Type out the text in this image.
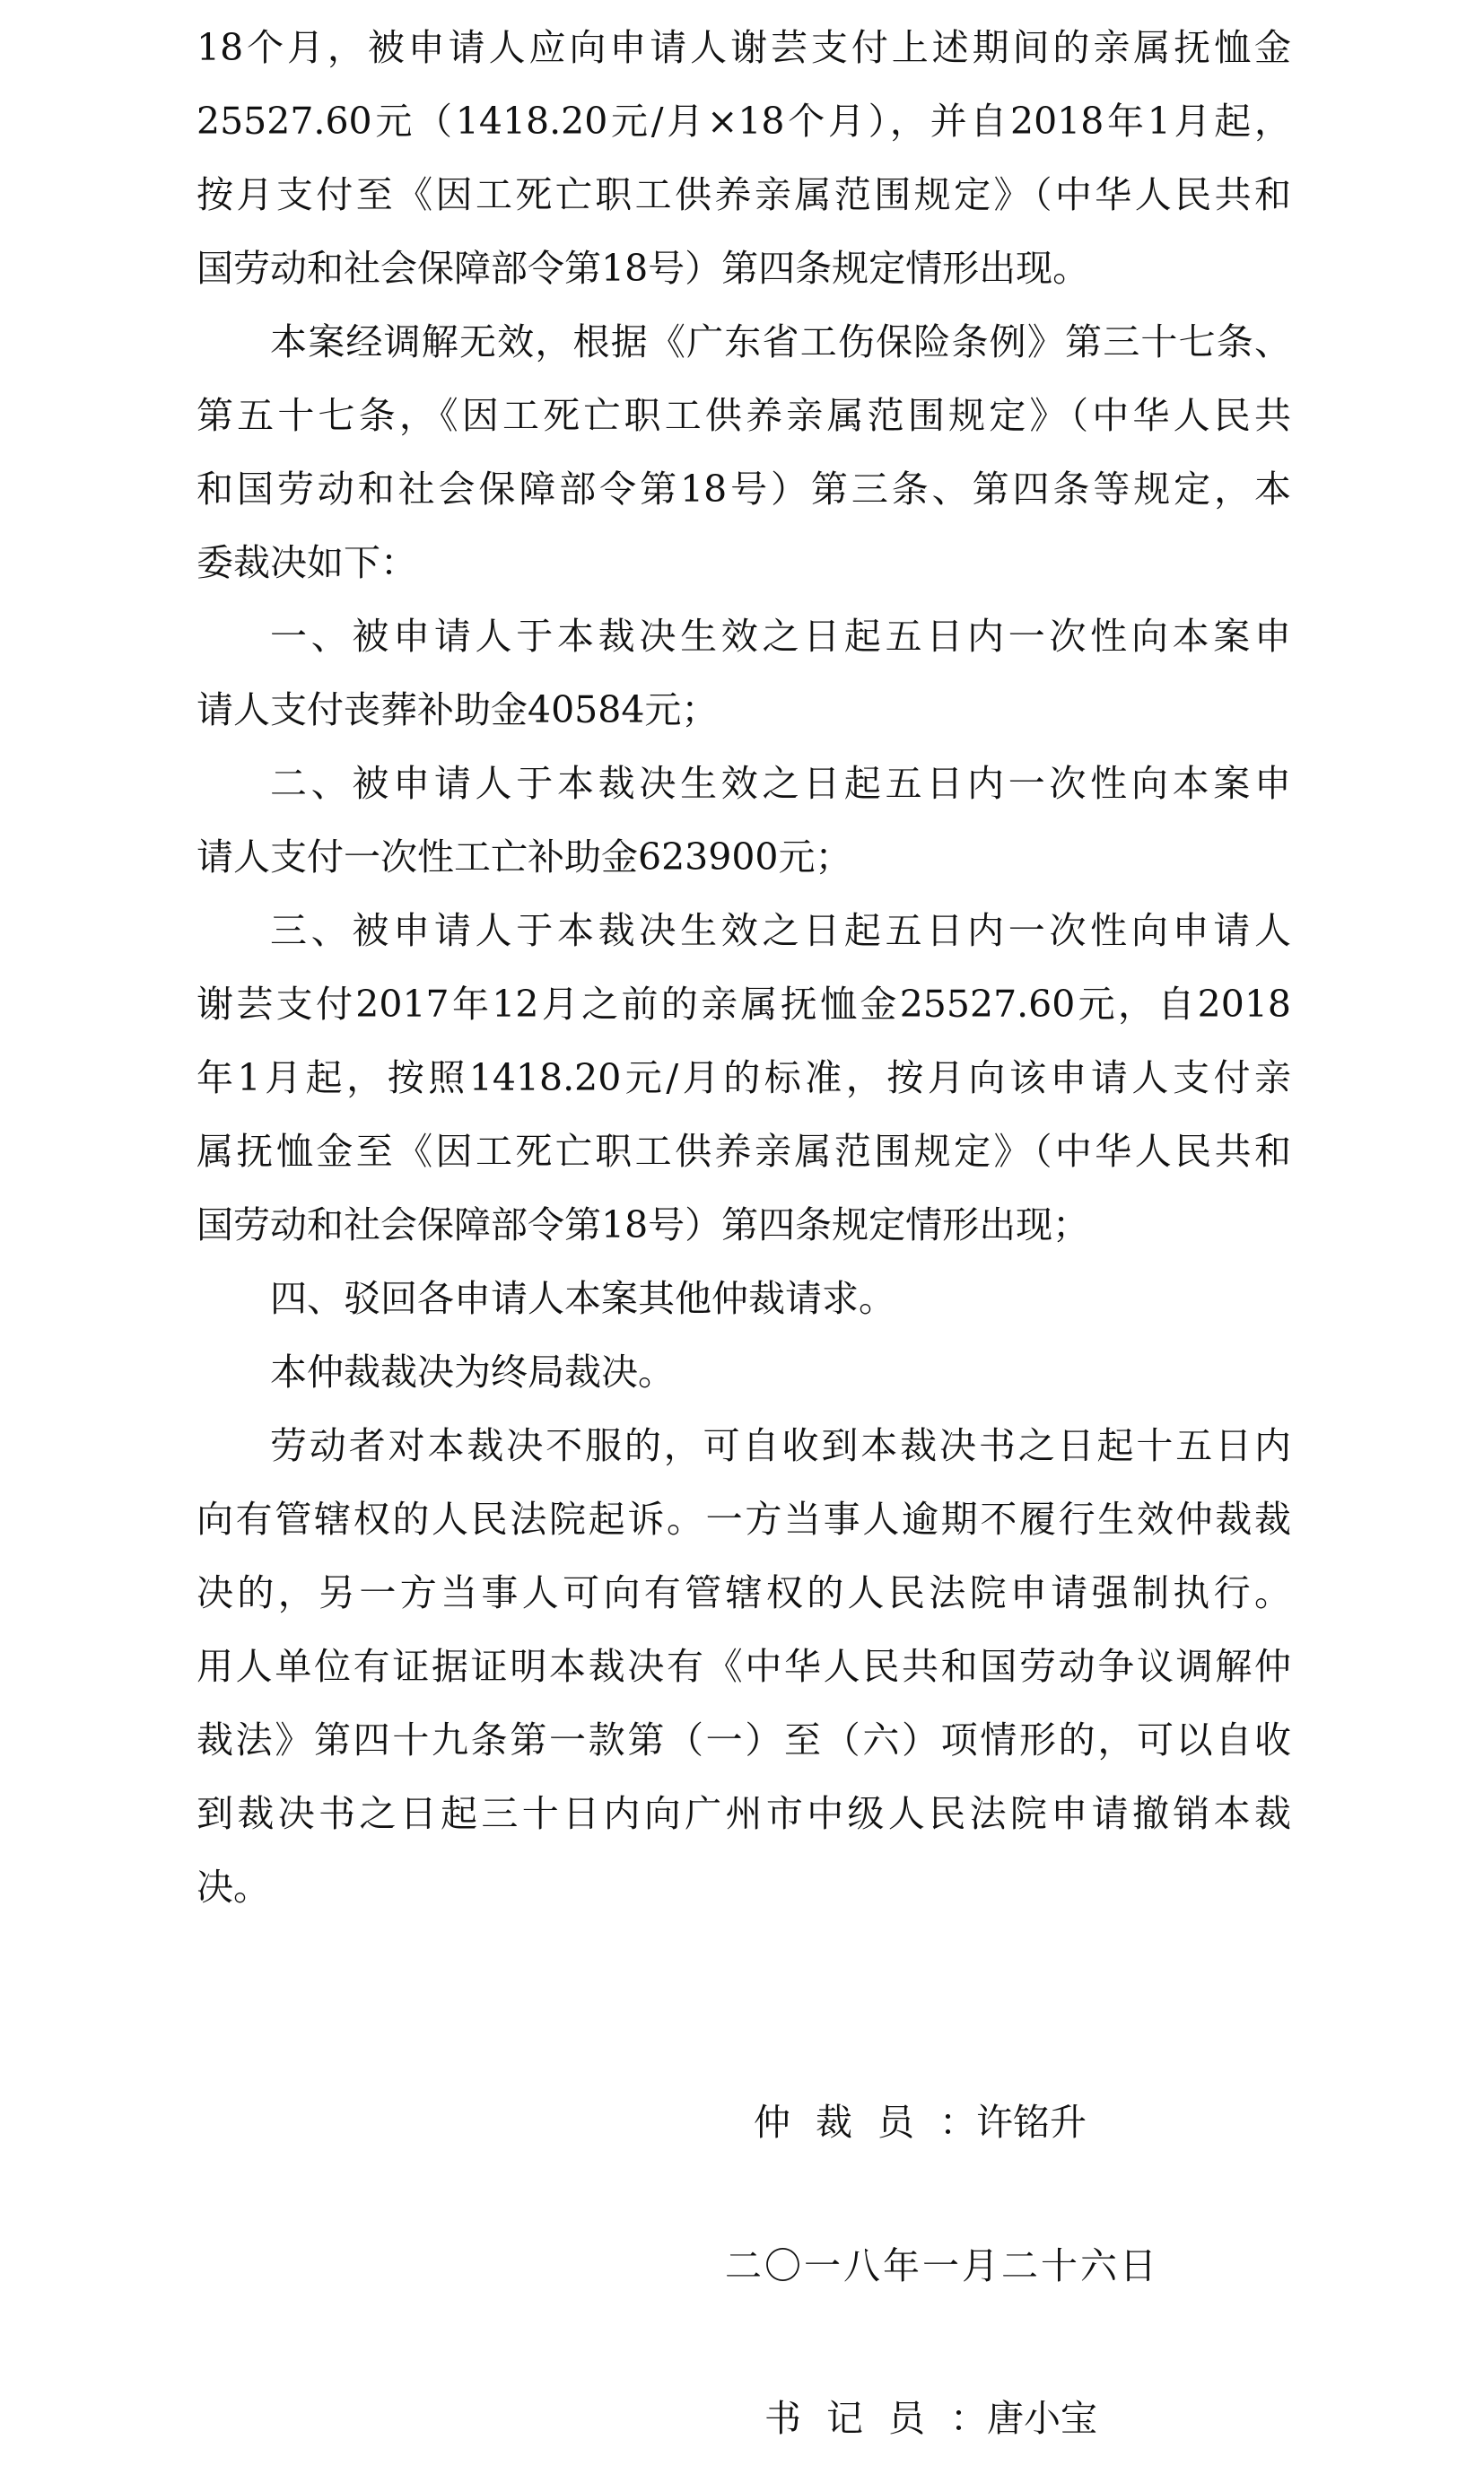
18个月，被申请人应向申请人谢芸支付上述期间的亲属抚恤金
25527.60元（1418.20元/月×18个月），并自2018年1月起，
按月支付至《因工死亡职工供养亲属范围规定》（中华人民共和
国劳动和社会保障部令第18号）第四条规定情形出现。
本案经调解无效，根据《广东省工伤保险条例》第三十七条、
第五十七条，《因工死亡职工供养亲属范围规定》（中华人民共
和国劳动和社会保障部令第18号）第三条、第四条等规定，本
委裁决如下：
一、被申请人于本裁决生效之日起五日内一次性向本案申
请人支付丧葬补助金40584元；
二、被申请人于本裁决生效之日起五日内一次性向本案申
请人支付一次性工亡补助金623900元；
三、被申请人于本裁决生效之日起五日内一次性向申请人
谢芸支付2017年12月之前的亲属抚恤金25527.60元，自2018
年1月起，按照1418.20元/月的标准，按月向该申请人支付亲
属抚恤金至《因工死亡职工供养亲属范围规定》（中华人民共和
国劳动和社会保障部令第18号）第四条规定情形出现；
四、驳回各申请人本案其他仲裁请求。
本仲裁裁决为终局裁决。
劳动者对本裁决不服的，可自收到本裁决书之日起十五日内
向有管辖权的人民法院起诉。一方当事人逾期不履行生效仲裁裁
决的，另一方当事人可向有管辖权的人民法院申请强制执行。
用人单位有证据证明本裁决有《中华人民共和国劳动争议调解仲
裁法》第四十九条第一款第（一）至（六）项情形的，可以自收
到裁决书之日起三十日内向广州市中级人民法院申请撤销本裁
决。
仲裁员：许铭升
二〇一八年一月二十六日
书记员：唐小宝
